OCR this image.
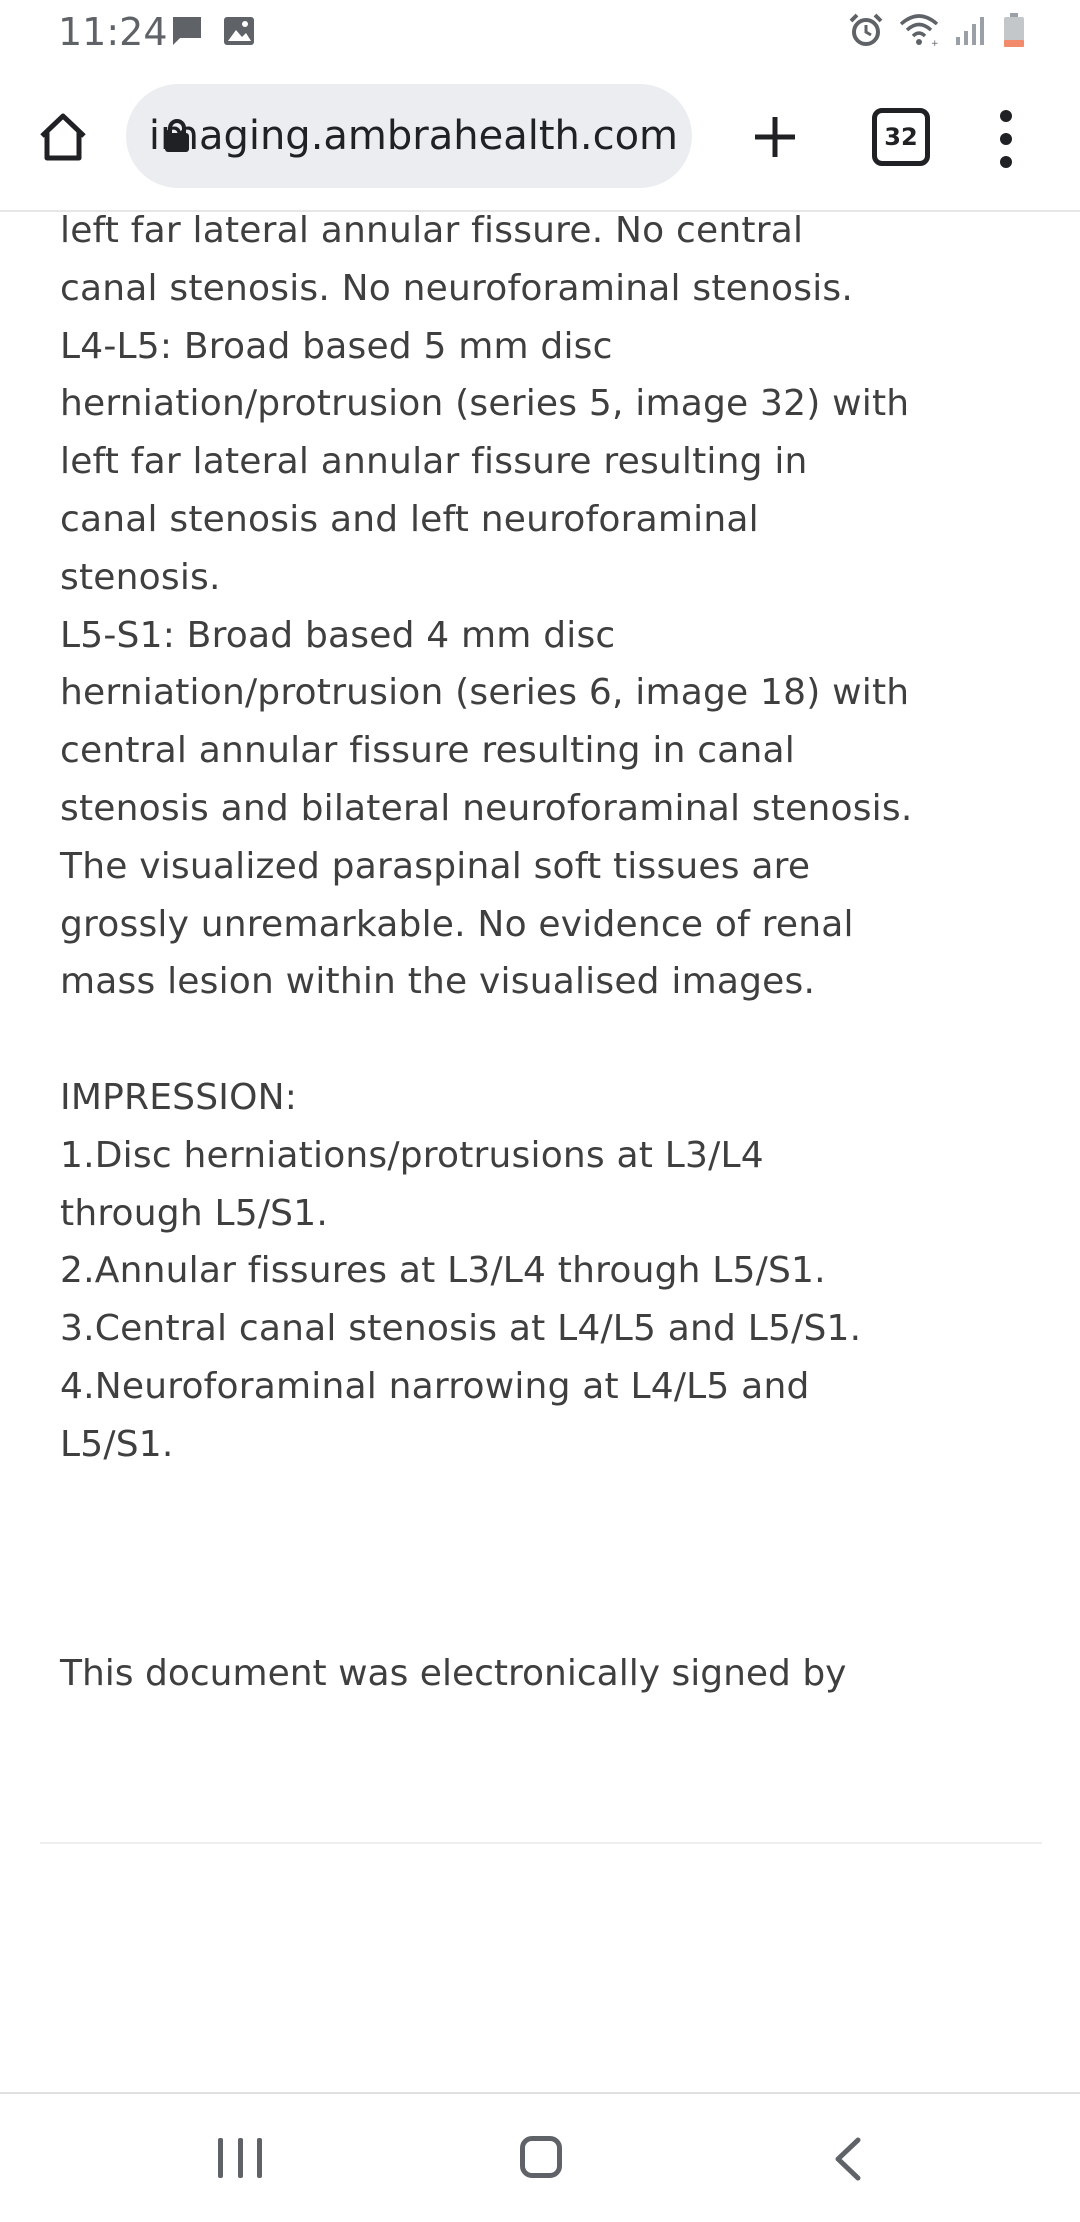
11:24	+
imaging.ambrahealth.com	32
left far lateral annular fissure. No central
canal stenosis. No neuroforaminal stenosis.
L4-L5: Broad based 5 mm disc
herniation/protrusion (series 5, image 32) with
left far lateral annular fissure resulting in
canal stenosis and left neuroforaminal
stenosis.
L5-S1: Broad based 4 mm disc
herniation/protrusion (series 6, image 18) with
central annular fissure resulting in canal
stenosis and bilateral neuroforaminal stenosis.
The visualized paraspinal soft tissues are
grossly unremarkable. No evidence of renal
mass lesion within the visualised images.
IMPRESSION:
1.Disc herniations/protrusions at L3/L4
through L5/S1.
2.Annular fissures at L3/L4 through L5/S1.
3.Central canal stenosis at L4/L5 and L5/S1.
4.Neuroforaminal narrowing at L4/L5 and
L5/S1.
This document was electronically signed by
